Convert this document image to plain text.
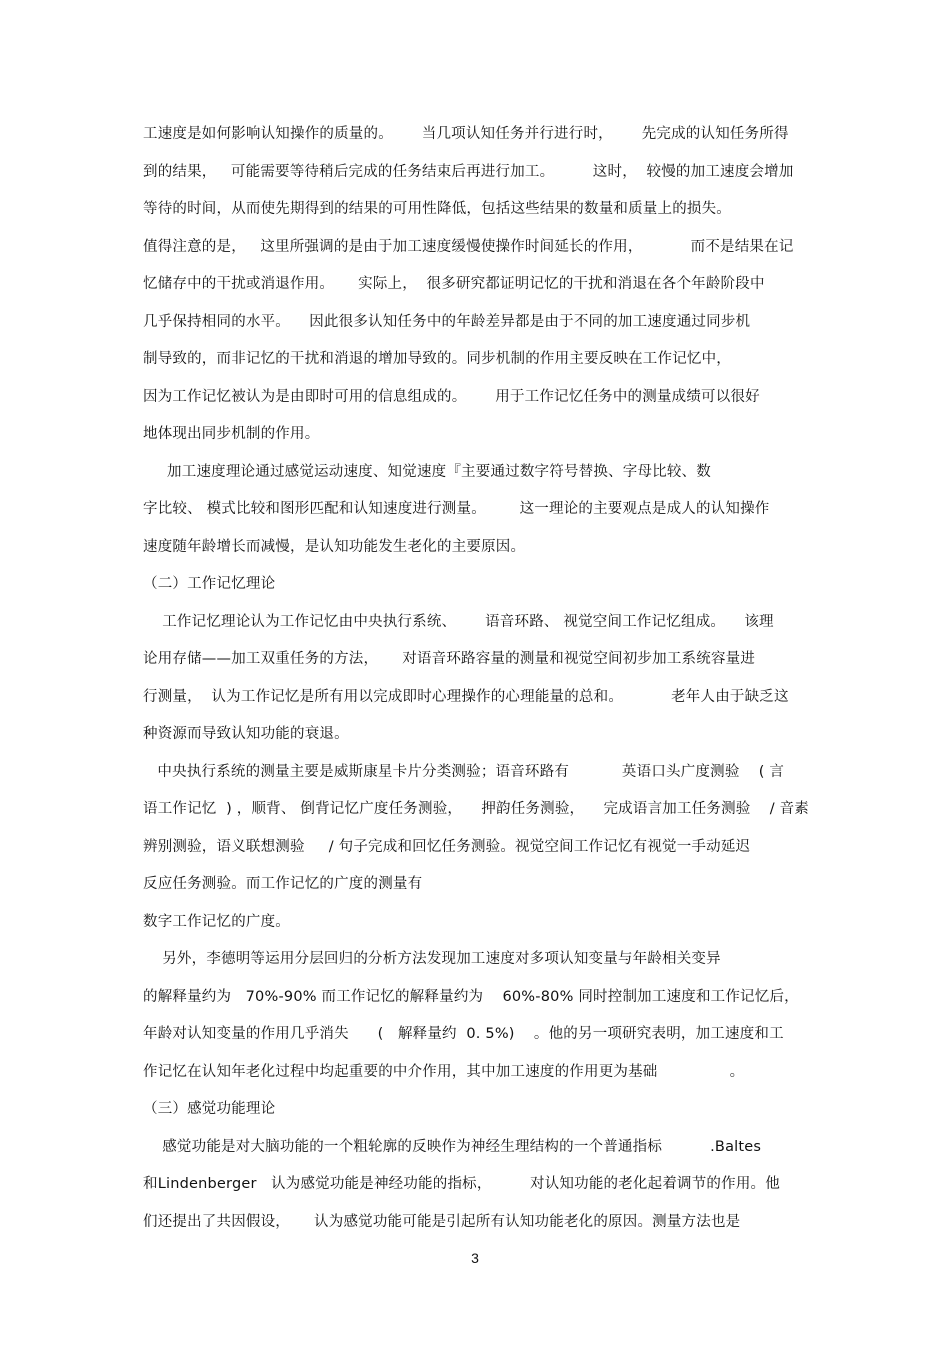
工速度是如何影响认知操作的质量的。      当几项认知任务并行进行时，      先完成的认知任务所得
到的结果，   可能需要等待稍后完成的任务结束后再进行加工。        这时，  较慢的加工速度会增加
等待的时间，从而使先期得到的结果的可用性降低，包括这些结果的数量和质量上的损失。
值得注意的是，   这里所强调的是由于加工速度缓慢使操作时间延长的作用，          而不是结果在记
忆储存中的干扰或消退作用。     实际上，  很多研究都证明记忆的干扰和消退在各个年龄阶段中
几乎保持相同的水平。    因此很多认知任务中的年龄差异都是由于不同的加工速度通过同步机
制导致的，而非记忆的干扰和消退的增加导致的。同步机制的作用主要反映在工作记忆中，
因为工作记忆被认为是由即时可用的信息组成的。      用于工作记忆任务中的测量成绩可以很好
地体现出同步机制的作用。
加工速度理论通过感觉运动速度、知觉速度『主要通过数字符号替换、字母比较、数
字比较、 模式比较和图形匹配和认知速度进行测量。       这一理论的主要观点是成人的认知操作
速度随年龄增长而减慢，是认知功能发生老化的主要原因。
（二）工作记忆理论
工作记忆理论认为工作记忆由中央执行系统、      语音环路、 视觉空间工作记忆组成。    该理
论用存储——加工双重任务的方法，     对语音环路容量的测量和视觉空间初步加工系统容量进
行测量，  认为工作记忆是所有用以完成即时心理操作的心理能量的总和。          老年人由于缺乏这
种资源而导致认知功能的衰退。
中央执行系统的测量主要是威斯康星卡片分类测验；语音环路有           英语口头广度测验    ( 言
语工作记忆  ) ，顺背、 倒背记忆广度任务测验，    押韵任务测验，    完成语言加工任务测验    / 音素
辨别测验，语义联想测验     / 句子完成和回忆任务测验。视觉空间工作记忆有视觉一手动延迟
反应任务测验。而工作记忆的广度的测量有
数字工作记忆的广度。
另外，李德明等运用分层回归的分析方法发现加工速度对多项认知变量与年龄相关变异
的解释量约为   70%-90% 而工作记忆的解释量约为    60%-80% 同时控制加工速度和工作记忆后，
年龄对认知变量的作用几乎消失      (   解释量约  0. 5%)    。他的另一项研究表明，加工速度和工
作记忆在认知年老化过程中均起重要的中介作用，其中加工速度的作用更为基础               。
（三）感觉功能理论
感觉功能是对大脑功能的一个粗轮廓的反映作为神经生理结构的一个普通指标          .Baltes
和Lindenberger   认为感觉功能是神经功能的指标，        对认知功能的老化起着调节的作用。他
们还提出了共因假设，     认为感觉功能可能是引起所有认知功能老化的原因。测量方法也是
3
